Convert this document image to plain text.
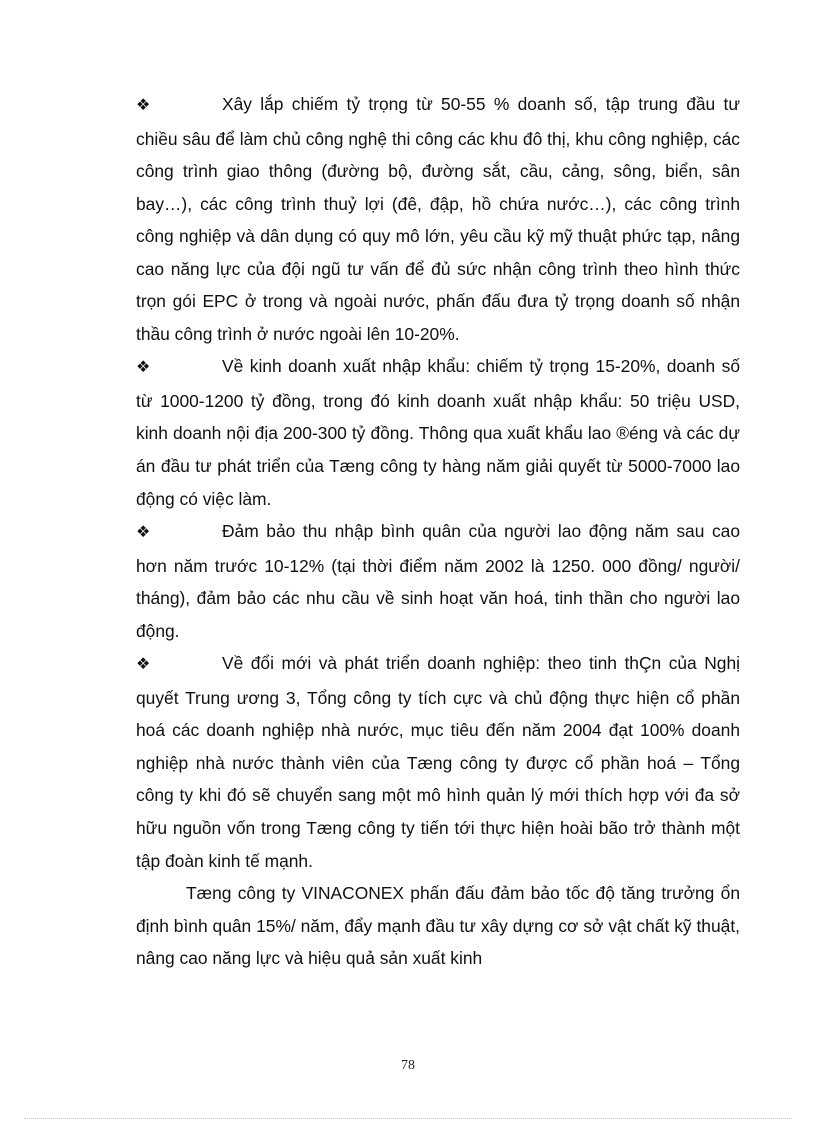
❖	Xây lắp chiếm tỷ trọng từ 50-55 % doanh số, tập trung đầu tư chiều sâu để làm chủ công nghệ thi công các khu đô thị, khu công nghiệp, các công trình giao thông (đường bộ, đường sắt, cầu, cảng, sông, biển, sân bay…), các công trình thuỷ lợi (đê, đập, hồ chứa nước…), các công trình công nghiệp và dân dụng có quy mô lớn, yêu cầu kỹ mỹ thuật phức tạp, nâng cao năng lực của đội ngũ tư vấn để đủ sức nhận công trình theo hình thức trọn gói EPC ở trong và ngoài nước, phấn đấu đưa tỷ trọng doanh số nhận thầu công trình ở nước ngoài lên 10-20%.

❖	Về kinh doanh xuất nhập khẩu: chiếm tỷ trọng 15-20%, doanh số từ 1000-1200 tỷ đồng, trong đó kinh doanh xuất nhập khẩu: 50 triệu USD, kinh doanh nội địa 200-300 tỷ đồng. Thông qua xuất khẩu lao ®éng và các dự án đầu tư phát triển của Tæng công ty hàng năm giải quyết từ 5000-7000 lao động có việc làm.

❖	Đảm bảo thu nhập bình quân của người lao động năm sau cao hơn năm trước 10-12% (tại thời điểm năm 2002 là 1250. 000 đồng/ người/ tháng), đảm bảo các nhu cầu về sinh hoạt văn hoá, tinh thần cho người lao động.

❖	Về đổi mới và phát triển doanh nghiệp: theo tinh thÇn của Nghị quyết Trung ương 3, Tổng công ty tích cực và chủ động thực hiện cổ phần hoá các doanh nghiệp nhà nước, mục tiêu đến năm 2004 đạt 100% doanh nghiệp nhà nước thành viên của Tæng công ty được cổ phần hoá – Tổng công ty khi đó sẽ chuyển sang một mô hình quản lý mới thích hợp với đa sở hữu nguồn vốn trong Tæng công ty tiến tới thực hiện hoài bão trở thành một tập đoàn kinh tế mạnh.

Tæng công ty VINACONEX phấn đấu đảm bảo tốc độ tăng trưởng ổn định bình quân 15%/ năm, đẩy mạnh đầu tư xây dựng cơ sở vật chất kỹ thuật, nâng cao năng lực và hiệu quả sản xuất kinh

78
